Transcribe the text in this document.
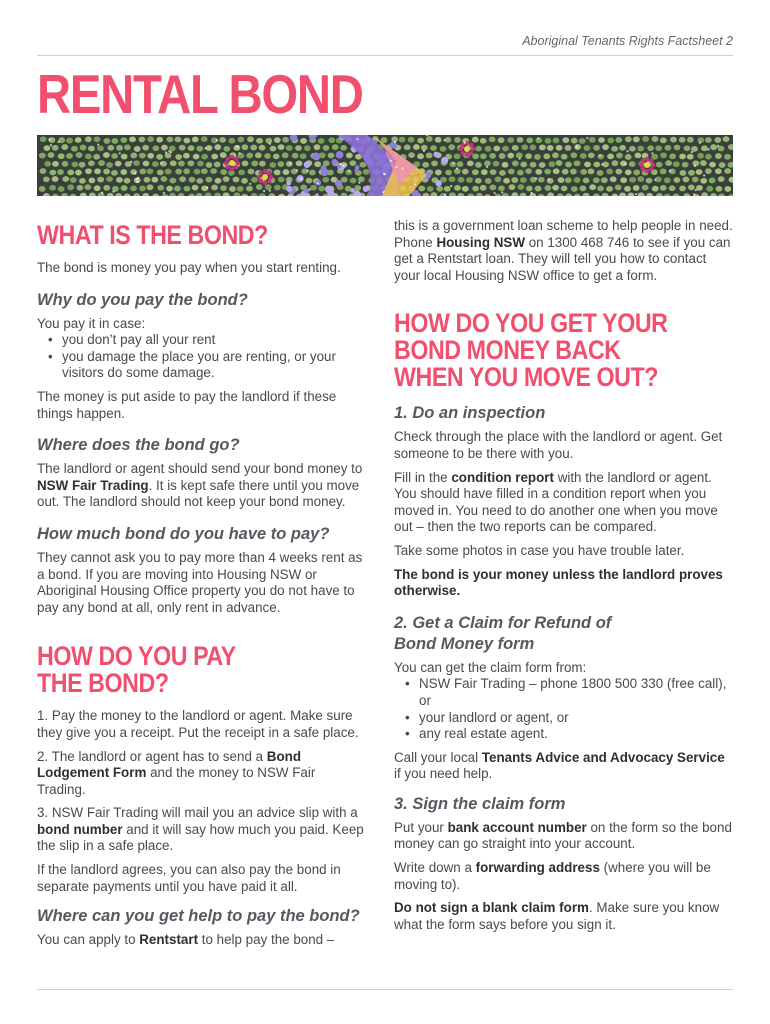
Aboriginal Tenants Rights Factsheet 2
RENTAL BOND
WHAT IS THE BOND?

The bond is money you pay when you start renting.

Why do you pay the bond?

You pay it in case:

• you don’t pay all your rent
• you damage the place you are renting, or your visitors do some damage.

The money is put aside to pay the landlord if these things happen.

Where does the bond go?

The landlord or agent should send your bond money to NSW Fair Trading. It is kept safe there until you move out. The landlord should not keep your bond money.

How much bond do you have to pay?

They cannot ask you to pay more than 4 weeks rent as a bond. If you are moving into Housing NSW or Aboriginal Housing Office property you do not have to pay any bond at all, only rent in advance.

HOW DO YOU PAY
THE BOND?

1. Pay the money to the landlord or agent. Make sure they give you a receipt. Put the receipt in a safe place.

2. The landlord or agent has to send a Bond Lodgement Form and the money to NSW Fair Trading.

3. NSW Fair Trading will mail you an advice slip with a bond number and it will say how much you paid. Keep the slip in a safe place.

If the landlord agrees, you can also pay the bond in separate payments until you have paid it all.

Where can you get help to pay the bond?

You can apply to Rentstart to help pay the bond –

this is a government loan scheme to help people in need. Phone Housing NSW on 1300 468 746 to see if you can get a Rentstart loan. They will tell you how to contact your local Housing NSW office to get a form.

HOW DO YOU GET YOUR
BOND MONEY BACK
WHEN YOU MOVE OUT?
1. Do an inspection

Check through the place with the landlord or agent. Get someone to be there with you.

Fill in the condition report with the landlord or agent. You should have filled in a condition report when you moved in. You need to do another one when you move out – then the two reports can be compared.

Take some photos in case you have trouble later.

The bond is your money unless the landlord proves otherwise.

2. Get a Claim for Refund of
Bond Money form

You can get the claim form from:

• NSW Fair Trading – phone 1800 500 330 (free call), or
• your landlord or agent, or
• any real estate agent.

Call your local Tenants Advice and Advocacy Service if you need help.

3. Sign the claim form

Put your bank account number on the form so the bond money can go straight into your account.

Write down a forwarding address (where you will be moving to).

Do not sign a blank claim form. Make sure you know what the form says before you sign it.
